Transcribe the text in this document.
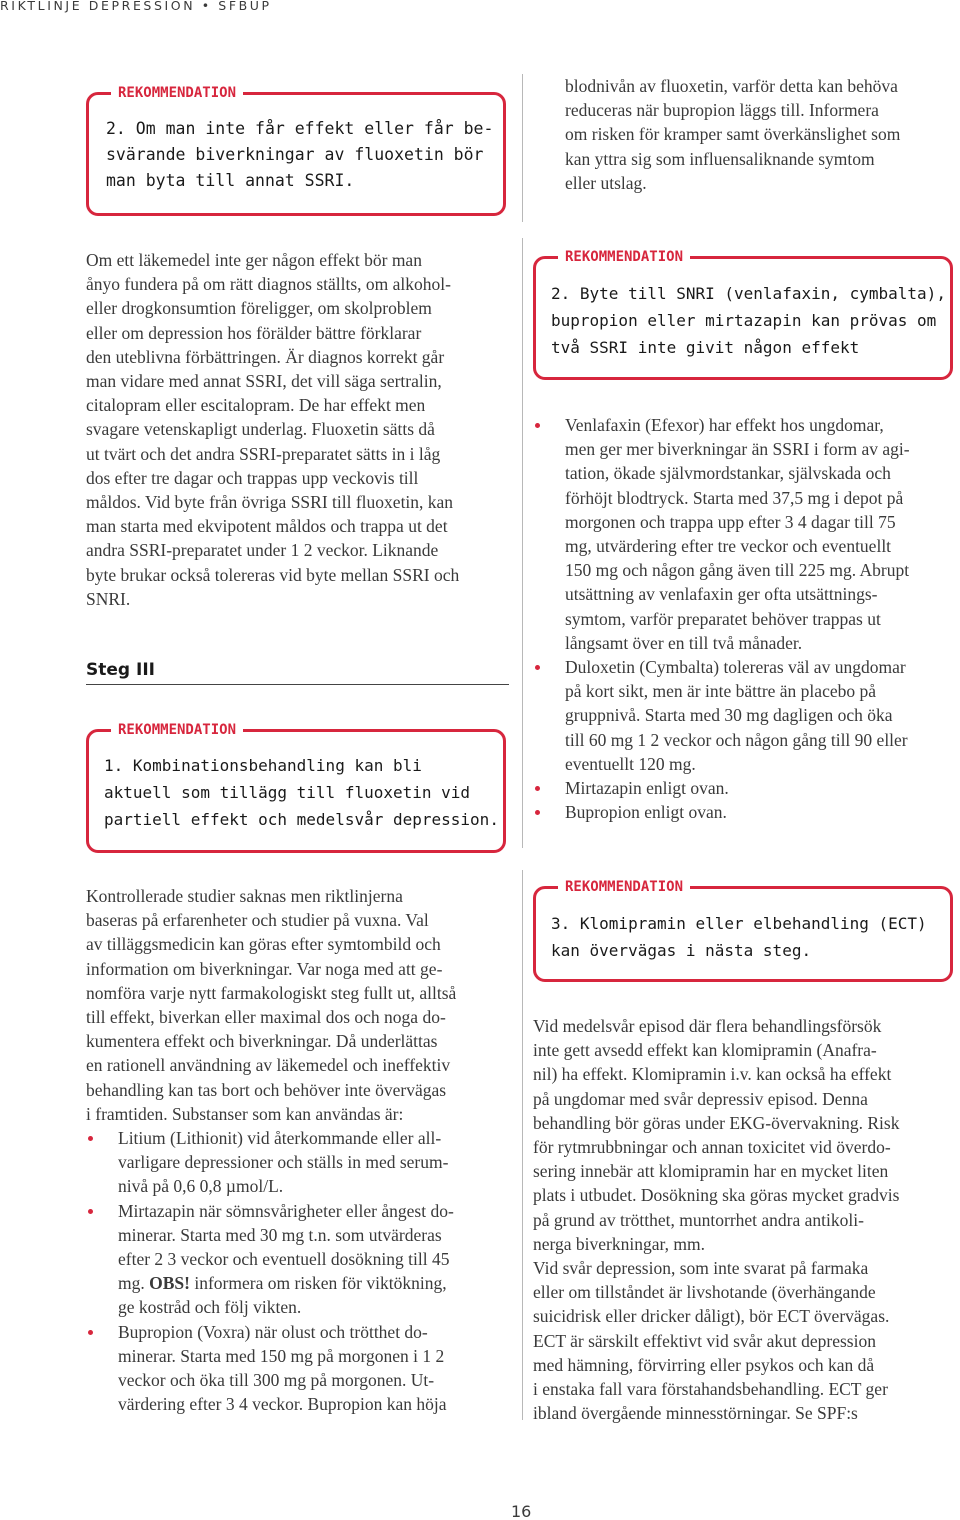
RIKTLINJE DEPRESSION • SFBUP
REKOMMENDATION
2. Om man inte får effekt eller får be-
svärande biverkningar av fluoxetin bör
man byta till annat SSRI.
blodnivån av fluoxetin, varför detta kan behöva
reduceras när bupropion läggs till. Informera
om risken för kramper samt överkänslighet som
kan yttra sig som influensaliknande symtom
eller utslag.
Om ett läkemedel inte ger någon effekt bör man
ånyo fundera på om rätt diagnos ställts, om alkohol-
eller drogkonsumtion föreligger, om skolproblem
eller om depression hos förälder bättre förklarar
den uteblivna förbättringen. Är diagnos korrekt går
man vidare med annat SSRI, det vill säga sertralin,
citalopram eller escitalopram. De har effekt men
svagare vetenskapligt underlag. Fluoxetin sätts då
ut tvärt och det andra SSRI-preparatet sätts in i låg
dos efter tre dagar och trappas upp veckovis till
måldos. Vid byte från övriga SSRI till fluoxetin, kan
man starta med ekvipotent måldos och trappa ut det
andra SSRI-preparatet under 1 2 veckor. Liknande
byte brukar också tolereras vid byte mellan SSRI och
SNRI.
REKOMMENDATION
2. Byte till SNRI (venlafaxin, cymbalta),
bupropion eller mirtazapin kan prövas om
två SSRI inte givit någon effekt
Venlafaxin (Efexor) har effekt hos ungdomar,
men ger mer biverkningar än SSRI i form av agi-
tation, ökade självmordstankar, självskada och
förhöjt blodtryck. Starta med 37,5 mg i depot på
morgonen och trappa upp efter 3 4 dagar till 75
mg, utvärdering efter tre veckor och eventuellt
150 mg och någon gång även till 225 mg. Abrupt
utsättning av venlafaxin ger ofta utsättnings-
symtom, varför preparatet behöver trappas ut
långsamt över en till två månader.
Duloxetin (Cymbalta) tolereras väl av ungdomar
på kort sikt, men är inte bättre än placebo på
gruppnivå. Starta med 30 mg dagligen och öka
till 60 mg 1 2 veckor och någon gång till 90 eller
eventuellt 120 mg.
Mirtazapin enligt ovan.
Bupropion enligt ovan.
Steg III
REKOMMENDATION
1. Kombinationsbehandling kan bli
aktuell som tillägg till fluoxetin vid
partiell effekt och medelsvår depression.
REKOMMENDATION
3. Klomipramin eller elbehandling (ECT)
kan övervägas i nästa steg.
Kontrollerade studier saknas men riktlinjerna
baseras på erfarenheter och studier på vuxna. Val
av tilläggsmedicin kan göras efter symtombild och
information om biverkningar. Var noga med att ge-
nomföra varje nytt farmakologiskt steg fullt ut, alltså
till effekt, biverkan eller maximal dos och noga do-
kumentera effekt och biverkningar. Då underlättas
en rationell användning av läkemedel och ineffektiv
behandling kan tas bort och behöver inte övervägas
i framtiden. Substanser som kan användas är:
Litium (Lithionit) vid återkommande eller all-
varligare depressioner och ställs in med serum-
nivå på 0,6 0,8 µmol/L.
Mirtazapin när sömnsvårigheter eller ångest do-
minerar. Starta med 30 mg t.n. som utvärderas
efter 2 3 veckor och eventuell dosökning till 45
mg. OBS! informera om risken för viktökning,
ge kostråd och följ vikten.
Bupropion (Voxra) när olust och trötthet do-
minerar. Starta med 150 mg på morgonen i 1 2
veckor och öka till 300 mg på morgonen. Ut-
värdering efter 3 4 veckor. Bupropion kan höja
Vid medelsvår episod där flera behandlingsförsök
inte gett avsedd effekt kan klomipramin (Anafra-
nil) ha effekt. Klomipramin i.v. kan också ha effekt
på ungdomar med svår depressiv episod. Denna
behandling bör göras under EKG-övervakning. Risk
för rytmrubbningar och annan toxicitet vid överdo-
sering innebär att klomipramin har en mycket liten
plats i utbudet. Dosökning ska göras mycket gradvis
på grund av trötthet, muntorrhet andra antikoli-
nerga biverkningar, mm.
Vid svår depression, som inte svarat på farmaka
eller om tillståndet är livshotande (överhängande
suicidrisk eller dricker dåligt), bör ECT övervägas.
ECT är särskilt effektivt vid svår akut depression
med hämning, förvirring eller psykos och kan då
i enstaka fall vara förstahandsbehandling. ECT ger
ibland övergående minnesstörningar. Se SPF:s
16
